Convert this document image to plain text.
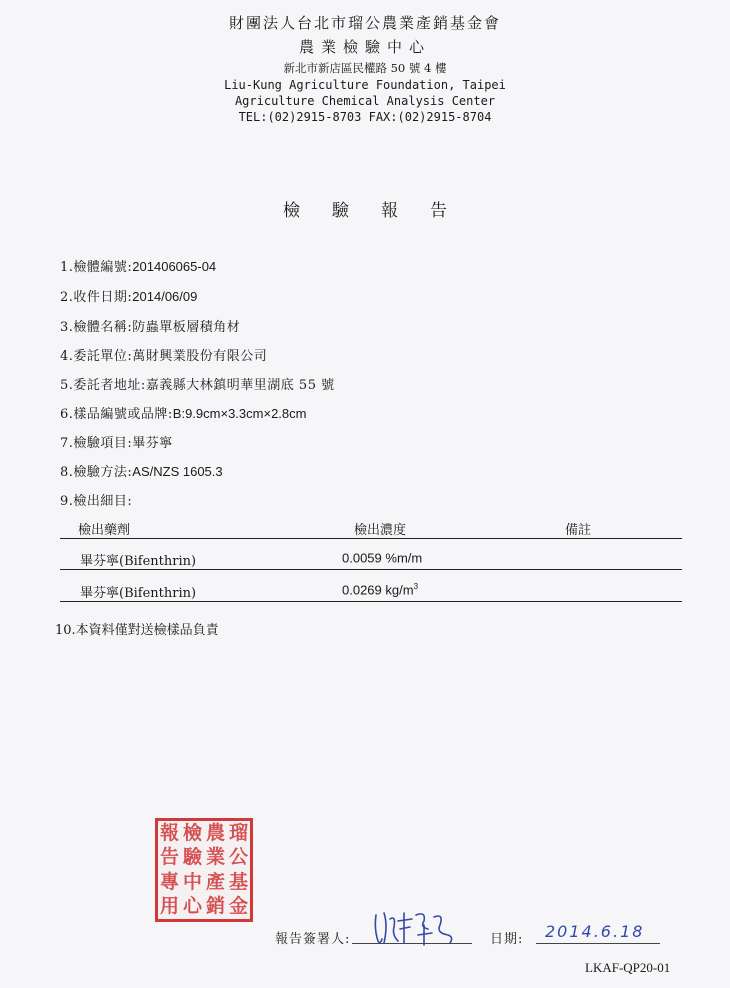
財團法人台北市瑠公農業產銷基金會
農業檢驗中心
新北市新店區民權路 50 號 4 樓
Liu-Kung Agriculture Foundation, Taipei
Agriculture Chemical Analysis Center
TEL:(02)2915-8703 FAX:(02)2915-8704
檢驗報告
1.檢體編號:201406065-04
2.收件日期:2014/06/09
3.檢體名稱:防蟲單板層積角材
4.委託單位:萬財興業股份有限公司
5.委託者地址:嘉義縣大林鎮明華里湖底 55 號
6.樣品編號或品牌:B:9.9cm×3.3cm×2.8cm
7.檢驗項目:畢芬寧
8.檢驗方法:AS/NZS 1605.3
9.檢出細目:
檢出藥劑	檢出濃度	備註
畢芬寧(Bifenthrin)	0.0059 %m/m
畢芬寧(Bifenthrin)	0.0269 $kg/m^3$
10.本資料僅對送檢樣品負責
報 檢 農 瑠
告 驗 業 公
專 中 產 基
用 心 銷 金
報告簽署人:	日期: 2014.6.18
LKAF-QP20-01
